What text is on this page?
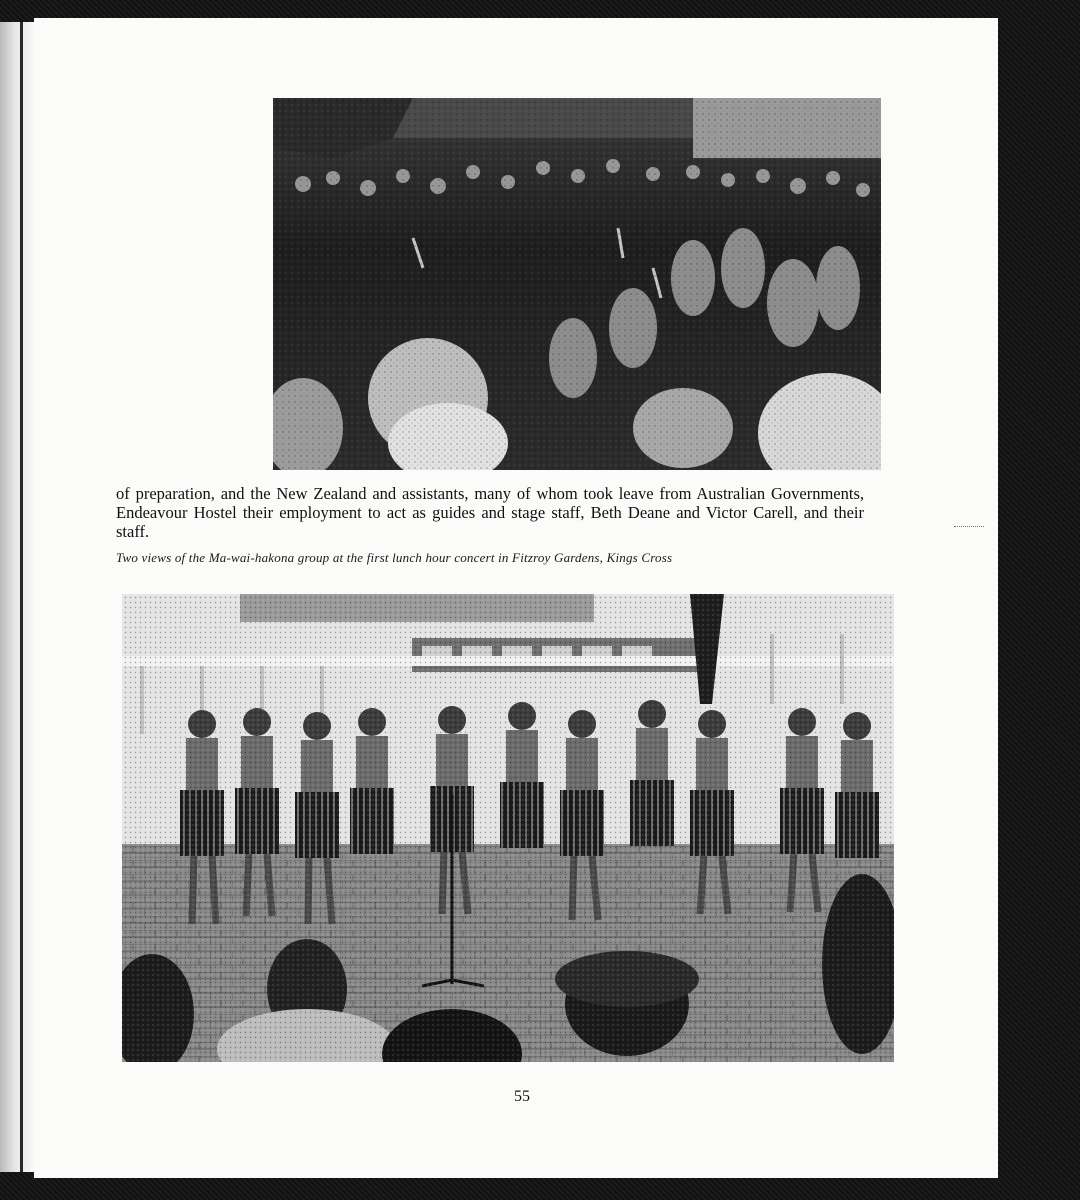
of preparation, and the New Zealand and assistants, many of whom took leave from Australian Governments, Endeavour Hostel their employment to act as guides and stage staff, Beth Deane and Victor Carell, and their staff.

Two views of the Ma-wai-hakona group at the first lunch hour concert in Fitzroy Gardens, Kings Cross
55
